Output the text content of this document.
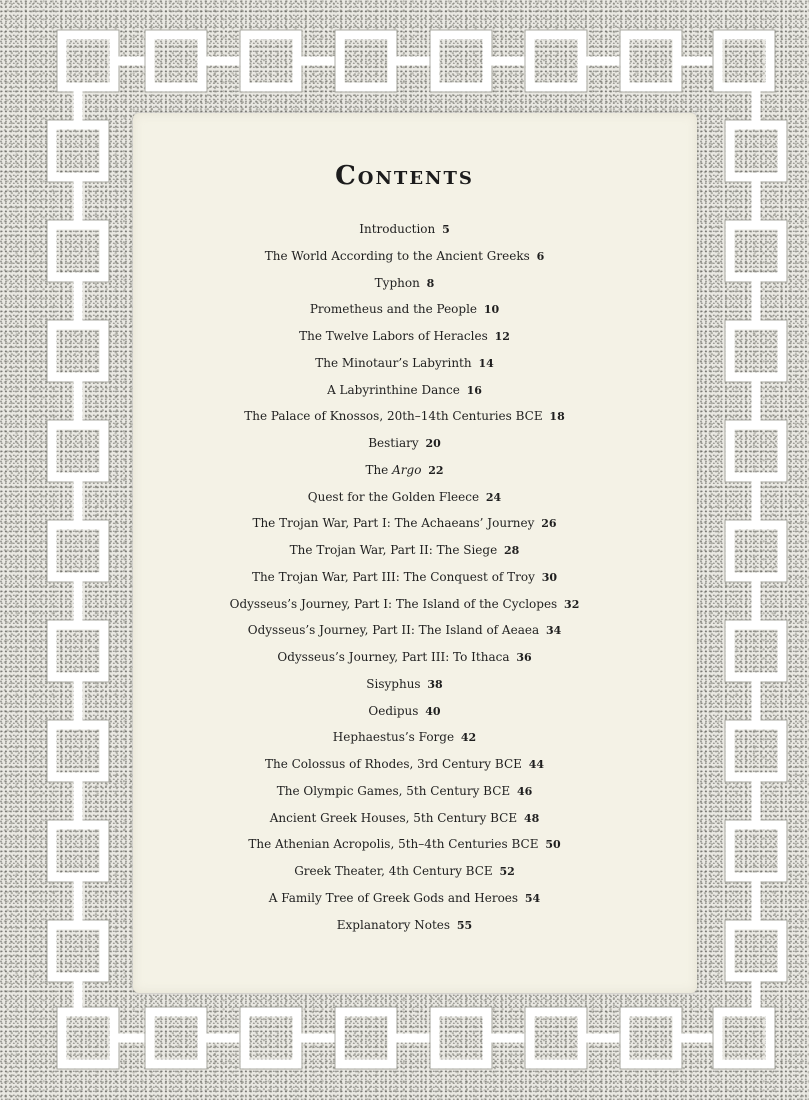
Contents
Introduction 5
The World According to the Ancient Greeks 6
Typhon 8
Prometheus and the People 10
The Twelve Labors of Heracles 12
The Minotaur’s Labyrinth 14
A Labyrinthine Dance 16
The Palace of Knossos, 20th–14th Centuries BCE 18
Bestiary 20
The Argo 22
Quest for the Golden Fleece 24
The Trojan War, Part I: The Achaeans’ Journey 26
The Trojan War, Part II: The Siege 28
The Trojan War, Part III: The Conquest of Troy 30
Odysseus’s Journey, Part I: The Island of the Cyclopes 32
Odysseus’s Journey, Part II: The Island of Aeaea 34
Odysseus’s Journey, Part III: To Ithaca 36
Sisyphus 38
Oedipus 40
Hephaestus’s Forge 42
The Colossus of Rhodes, 3rd Century BCE 44
The Olympic Games, 5th Century BCE 46
Ancient Greek Houses, 5th Century BCE 48
The Athenian Acropolis, 5th–4th Centuries BCE 50
Greek Theater, 4th Century BCE 52
A Family Tree of Greek Gods and Heroes 54
Explanatory Notes 55
